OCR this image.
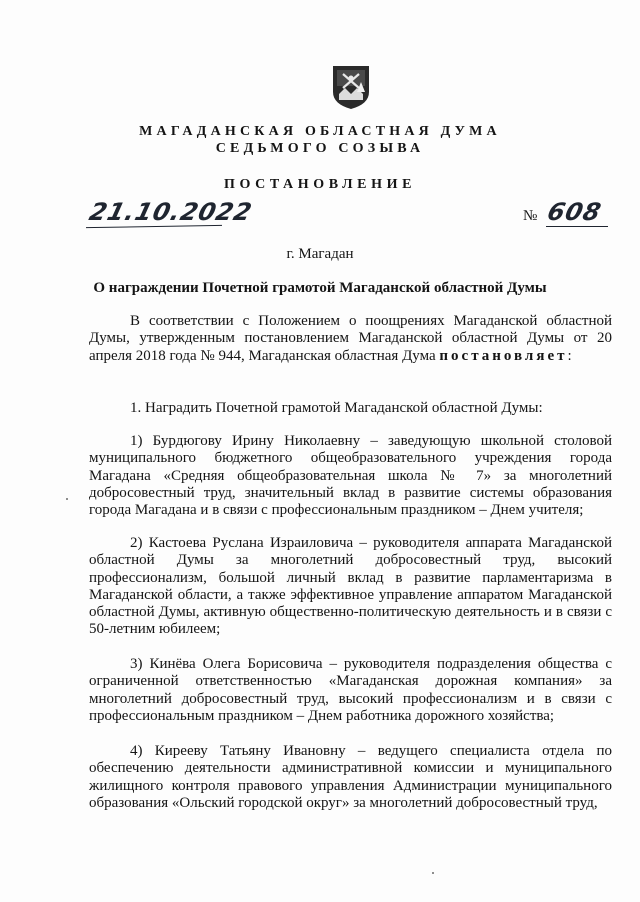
МАГАДАНСКАЯ ОБЛАСТНАЯ ДУМА
СЕДЬМОГО СОЗЫВА
ПОСТАНОВЛЕНИЕ
21.10.2022	№ 608
г. Магадан
О награждении Почетной грамотой Магаданской областной Думы

В соответствии с Положением о поощрениях Магаданской областной Думы, утвержденным постановлением Магаданской областной Думы от 20 апреля 2018 года № 944, Магаданская областная Дума постановляет:

1. Наградить Почетной грамотой Магаданской областной Думы:

1) Бурдюгову Ирину Николаевну – заведующую школьной столовой муниципального бюджетного общеобразовательного учреждения города Магадана «Средняя общеобразовательная школа № 7» за многолетний добросовестный труд, значительный вклад в развитие системы образования города Магадана и в связи с профессиональным праздником – Днем учителя;

2) Кастоева Руслана Израиловича – руководителя аппарата Магаданской областной Думы за многолетний добросовестный труд, высокий профессионализм, большой личный вклад в развитие парламентаризма в Магаданской области, а также эффективное управление аппаратом Магаданской областной Думы, активную общественно-политическую деятельность и в связи с 50-летним юбилеем;

3) Кинёва Олега Борисовича – руководителя подразделения общества с ограниченной ответственностью «Магаданская дорожная компания» за многолетний добросовестный труд, высокий профессионализм и в связи с профессиональным праздником – Днем работника дорожного хозяйства;

4) Кирееву Татьяну Ивановну – ведущего специалиста отдела по обеспечению деятельности административной комиссии и муниципального жилищного контроля правового управления Администрации муниципального образования «Ольский городской округ» за многолетний добросовестный труд,
